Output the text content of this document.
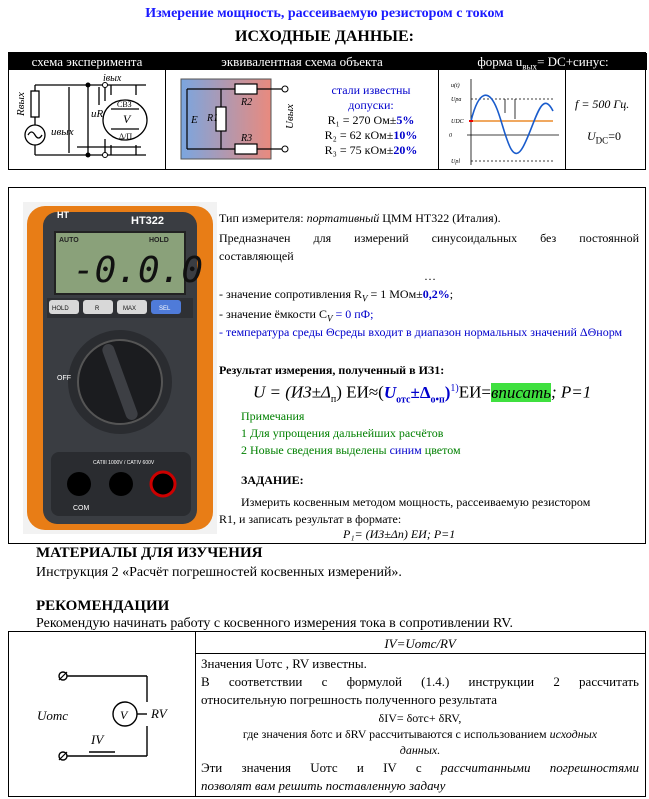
Измерение мощность, рассеиваемую резистором с током
ИСХОДНЫЕ ДАННЫЕ:
схема эксперимента	эквивалентная схема объекта	форма $u_{вых}=$ DC+синус:
Rвых
uвых
uR
iвых
СВЗ
V
Δ/П
E R1
R2
R3
Uвых
стали известны
допуски:
R₁ = 270 Ом±5%
R₂ = 62 кОм±10%
R₃ = 75 кОм±20%
u(t)
Upa
UDC
0
Upl
f = 500 Гц.
$U_{DC}=0$
HT	HT322
AUTO	HOLD
-0.0.0
HOLD	R	MAX	SEL
OFF
CATIII 1000V / CATIV 600V
COM
Тип измерителя: портативный ЦММ HT322 (Италия).
Предназначен для измерений синусоидальных без постоянной
составляющей
…
- значение сопротивления $R_V = 1$ МОм±0,2%;
- значение ёмкости $C_V = 0$ пФ;
- температура среды Θсреды входит в диапазон нормальных значений ΔΘнорм
Результат измерения, полученный в ИЗ1:
$U = (ИЗ\pm\Delta_п)$ $ЕИ\approx(U_{отс}\pm\Delta_{о•п})^{1)}ЕИ=вписать$; P=1
Примечания
1 Для упрощения дальнейших расчётов
2 Новые сведения выделены синим цветом
ЗАДАНИЕ:
Измерить косвенным методом мощность, рассеиваемую резистором
R1, и записать результат в формате:
P₁= (ИЗ±Δп) ЕИ; P=1
МАТЕРИАЛЫ ДЛЯ ИЗУЧЕНИЯ
Инструкция 2 «Расчёт погрешностей косвенных измерений».
РЕКОМЕНДАЦИИ
Рекомендую начинать работу с косвенного измерения тока в сопротивлении RV.
Uотс	V RV
IV
IV=Uотс/RV
Значения Uотс , RV известны.
В соответствии с формулой (1.4.) инструкции 2 рассчитать
относительную погрешность полученного результата
δIV= δотс+ δRV,
где значения δотс и δRV рассчитываются с использованием исходных
данных.
Эти значения Uотс и IV с рассчитанными погрешностями
позволят вам решить поставленную задачу
